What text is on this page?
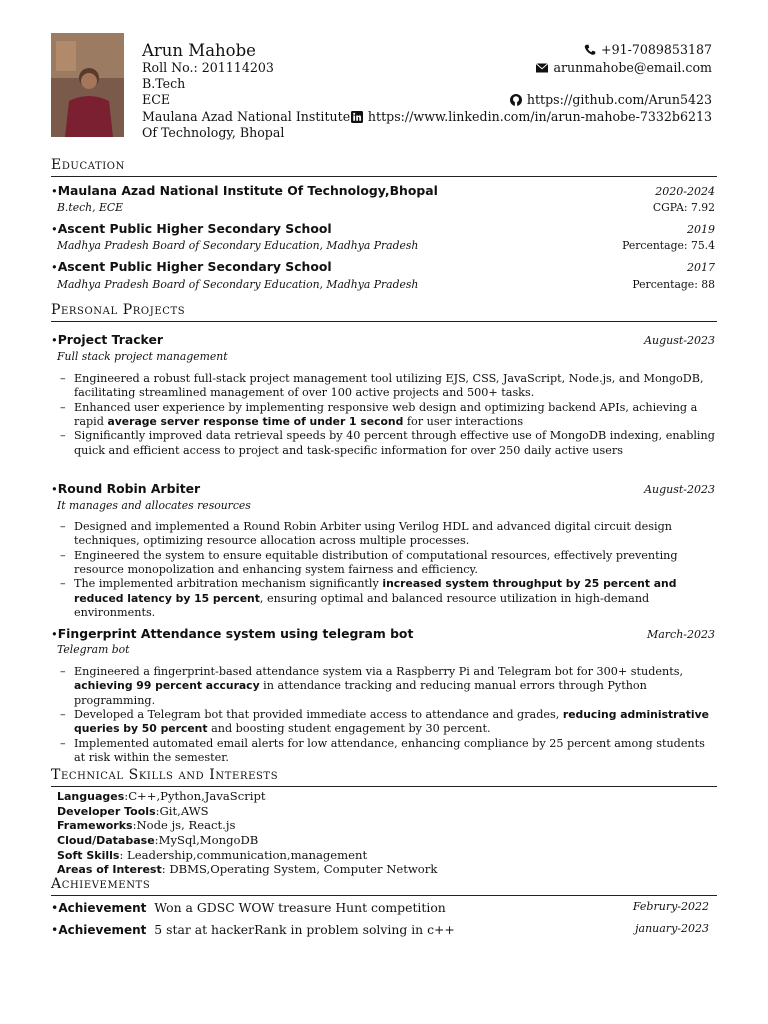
Arun Mahobe
Roll No.: 201114203
B.Tech
ECE
Maulana Azad National Institute
Of Technology, Bhopal
+91-7089853187
arunmahobe@email.com
https://github.com/Arun5423
https://www.linkedin.com/in/arun-mahobe-7332b6213
Education
•Maulana Azad National Institute Of Technology,Bhopal	2020-2024
B.tech, ECE	CGPA: 7.92
•Ascent Public Higher Secondary School	2019
Madhya Pradesh Board of Secondary Education, Madhya Pradesh	Percentage: 75.4
•Ascent Public Higher Secondary School	2017
Madhya Pradesh Board of Secondary Education, Madhya Pradesh	Percentage: 88
Personal Projects
•Project Tracker	August-2023
Full stack project management
– Engineered a robust full-stack project management tool utilizing EJS, CSS, JavaScript, Node.js, and MongoDB, facilitating streamlined management of over 100 active projects and 500+ tasks.
– Enhanced user experience by implementing responsive web design and optimizing backend APIs, achieving a rapid average server response time of under 1 second for user interactions
– Significantly improved data retrieval speeds by 40 percent through effective use of MongoDB indexing, enabling quick and efficient access to project and task-specific information for over 250 daily active users
•Round Robin Arbiter	August-2023
It manages and allocates resources
– Designed and implemented a Round Robin Arbiter using Verilog HDL and advanced digital circuit design techniques, optimizing resource allocation across multiple processes.
– Engineered the system to ensure equitable distribution of computational resources, effectively preventing resource monopolization and enhancing system fairness and efficiency.
– The implemented arbitration mechanism significantly increased system throughput by 25 percent and reduced latency by 15 percent, ensuring optimal and balanced resource utilization in high-demand environments.
•Fingerprint Attendance system using telegram bot	March-2023
Telegram bot
– Engineered a fingerprint-based attendance system via a Raspberry Pi and Telegram bot for 300+ students, achieving 99 percent accuracy in attendance tracking and reducing manual errors through Python programming.
– Developed a Telegram bot that provided immediate access to attendance and grades, reducing administrative queries by 50 percent and boosting student engagement by 30 percent.
– Implemented automated email alerts for low attendance, enhancing compliance by 25 percent among students at risk within the semester.
Technical Skills and Interests
Languages:C++,Python,JavaScript
Developer Tools:Git,AWS
Frameworks:Node js, React.js
Cloud/Database:MySql,MongoDB
Soft Skills: Leadership,communication,management
Areas of Interest: DBMS,Operating System, Computer Network
Achievements
•Achievement Won a GDSC WOW treasure Hunt competition	Februry-2022
•Achievement 5 star at hackerRank in problem solving in c++	january-2023
